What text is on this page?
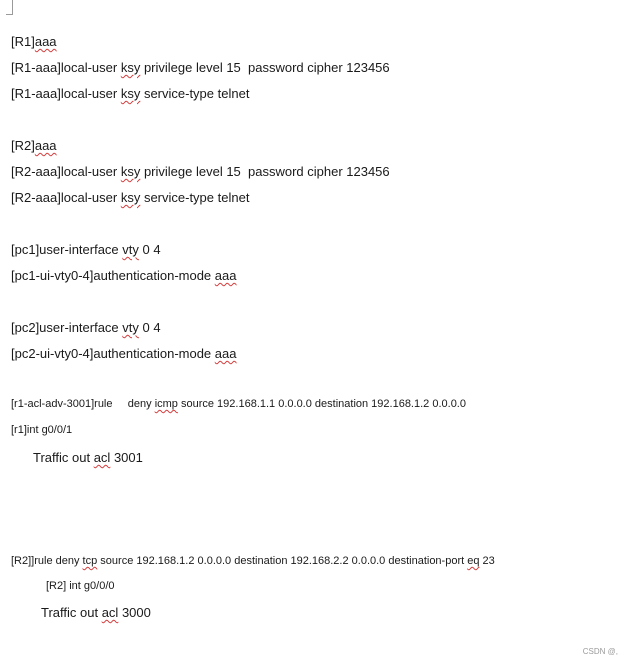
[R1]aaa
[R1-aaa]local-user ksy privilege level 15  password cipher 123456
[R1-aaa]local-user ksy service-type telnet
[R2]aaa
[R2-aaa]local-user ksy privilege level 15  password cipher 123456
[R2-aaa]local-user ksy service-type telnet
[pc1]user-interface vty 0 4
[pc1-ui-vty0-4]authentication-mode aaa
[pc2]user-interface vty 0 4
[pc2-ui-vty0-4]authentication-mode aaa
[r1-acl-adv-3001]rule     deny icmp source 192.168.1.1 0.0.0.0 destination 192.168.1.2 0.0.0.0
[r1]int g0/0/1
Traffic out acl 3001
[R2]]rule deny tcp source 192.168.1.2 0.0.0.0 destination 192.168.2.2 0.0.0.0 destination-port eq 23
[R2] int g0/0/0
Traffic out acl 3000
CSDN @,
